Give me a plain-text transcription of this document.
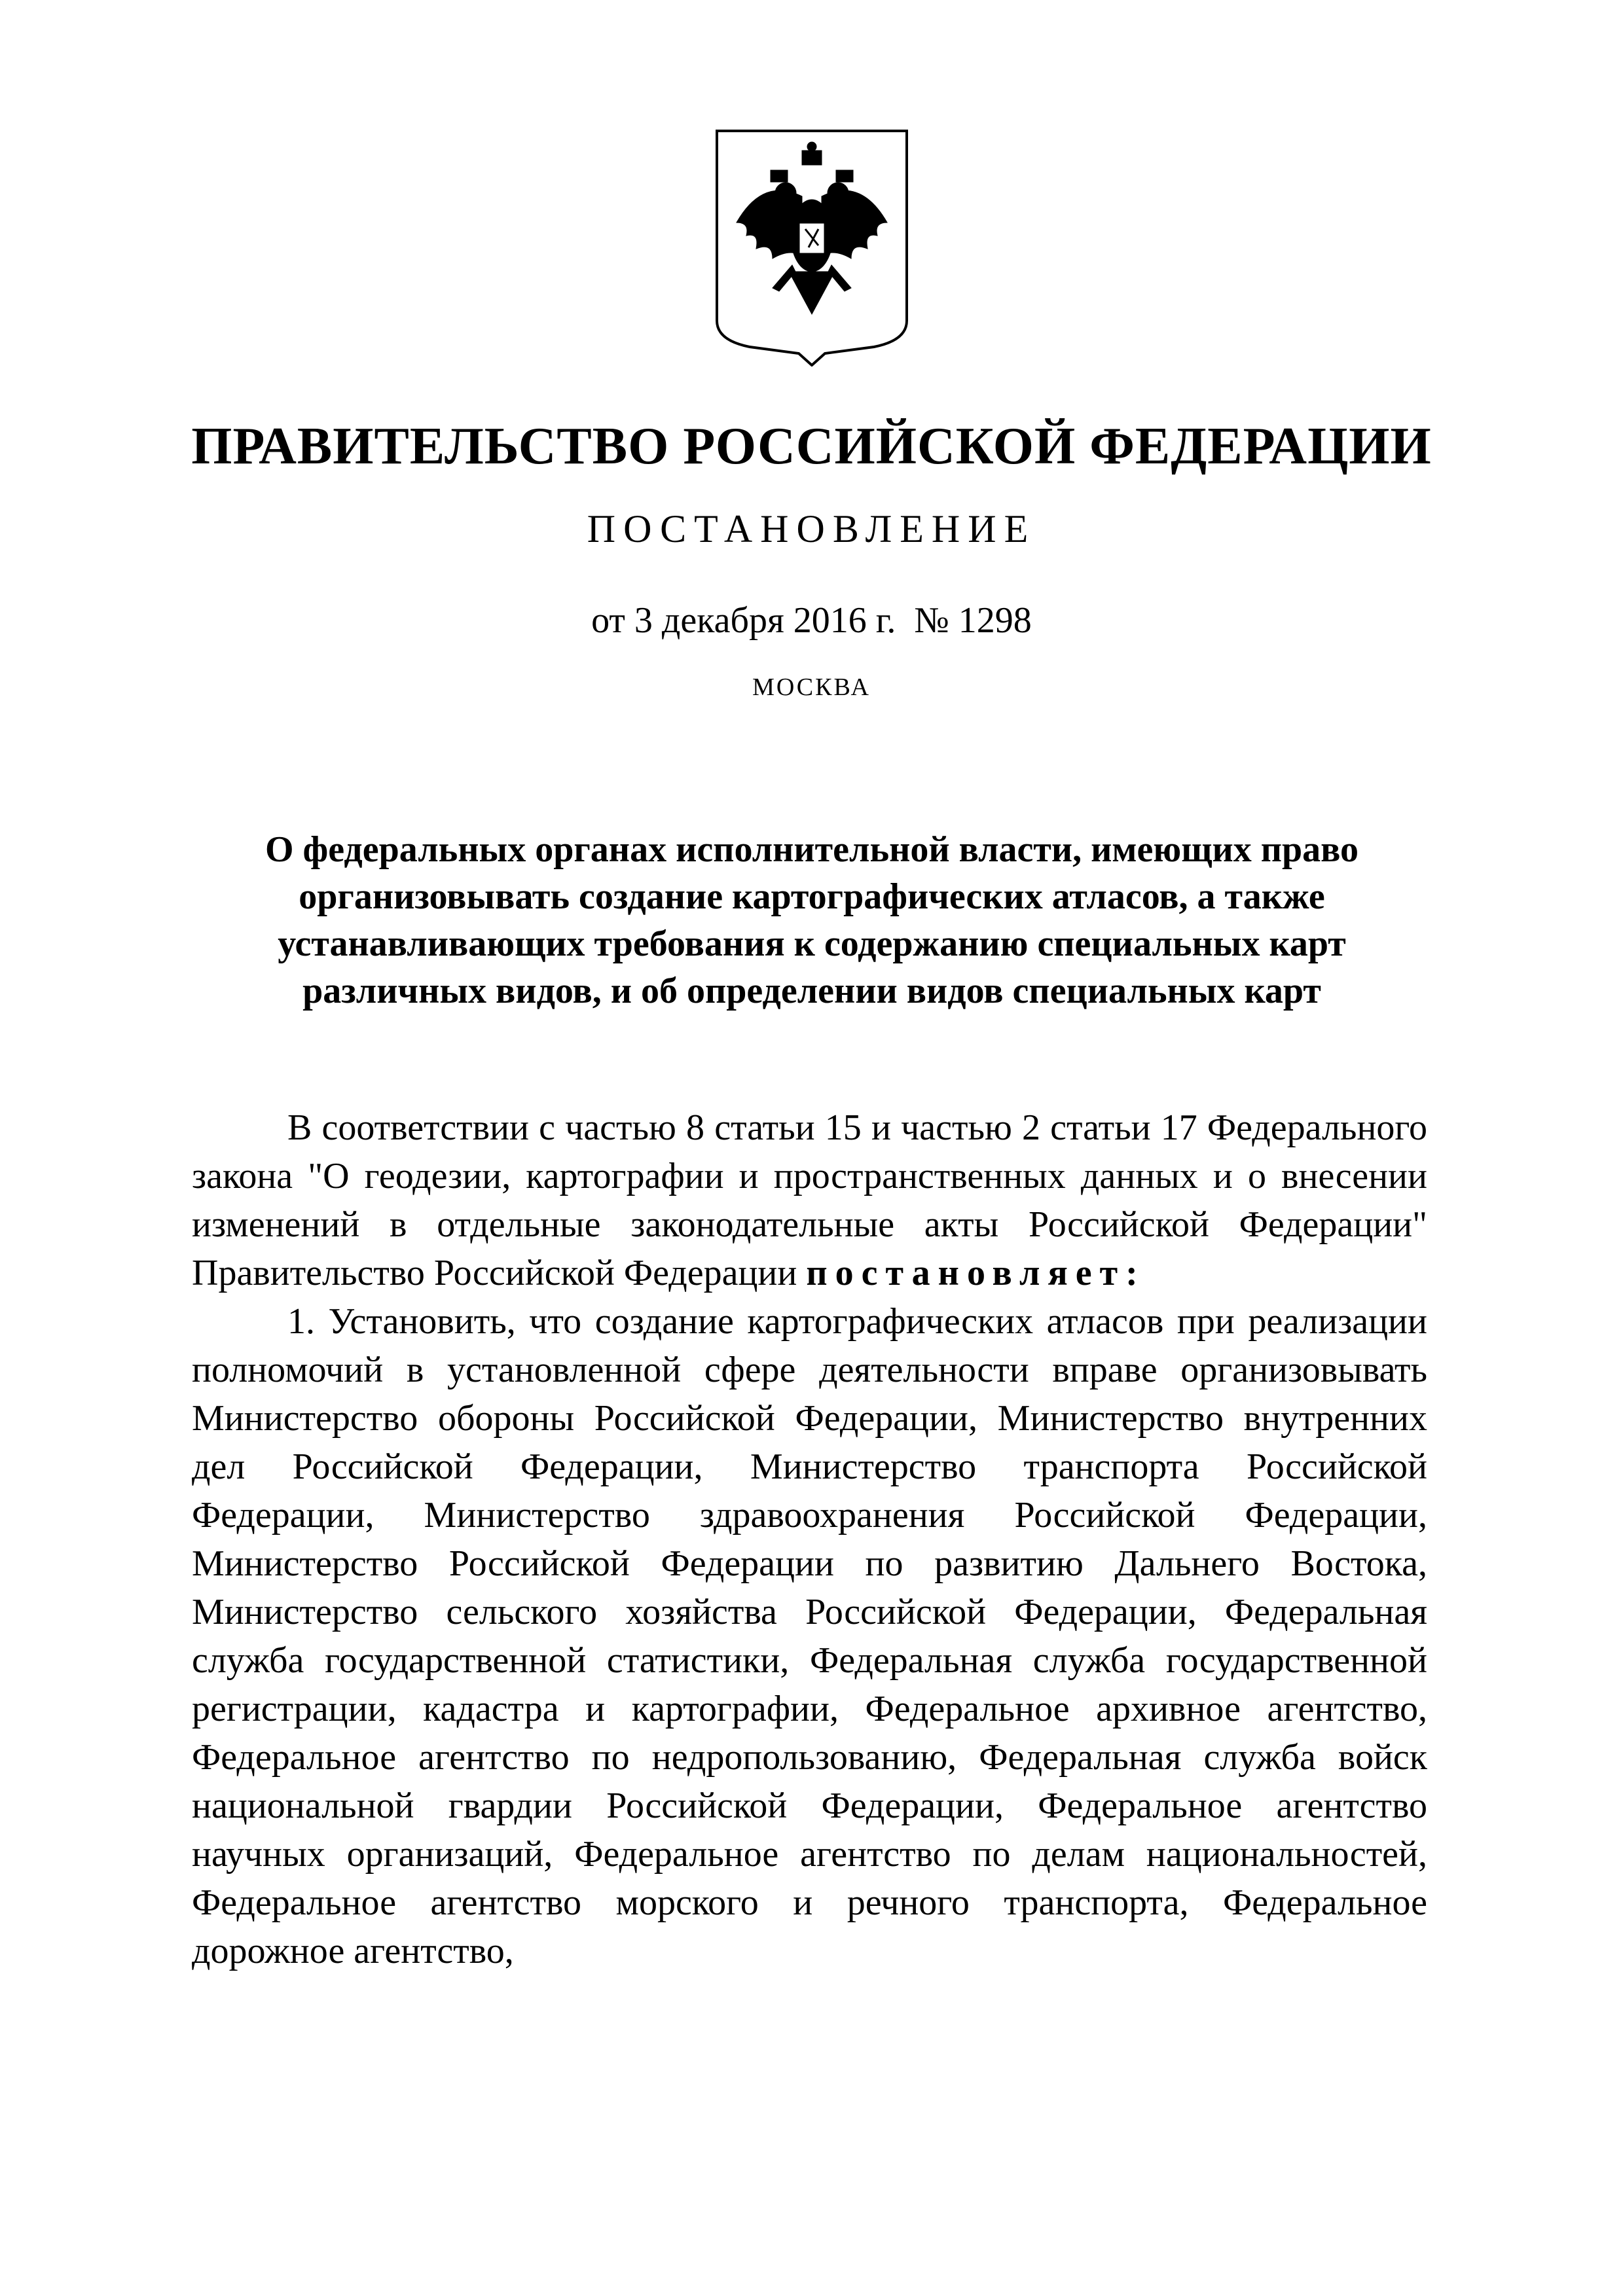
ПРАВИТЕЛЬСТВО РОССИЙСКОЙ ФЕДЕРАЦИИ
ПОСТАНОВЛЕНИЕ
от 3 декабря 2016 г. № 1298
МОСКВА
О федеральных органах исполнительной власти, имеющих право
организовывать создание картографических атласов, а также
устанавливающих требования к содержанию специальных карт
различных видов, и об определении видов специальных карт

В соответствии с частью 8 статьи 15 и частью 2 статьи 17 Федерального закона "О геодезии, картографии и пространственных данных и о внесении изменений в отдельные законодательные акты Российской Федерации" Правительство Российской Федерации постановляет:

1. Установить, что создание картографических атласов при реализации полномочий в установленной сфере деятельности вправе организовывать Министерство обороны Российской Федерации, Министерство внутренних дел Российской Федерации, Министерство транспорта Российской Федерации, Министерство здравоохранения Российской Федерации, Министерство Российской Федерации по развитию Дальнего Востока, Министерство сельского хозяйства Российской Федерации, Федеральная служба государственной статистики, Федеральная служба государственной регистрации, кадастра и картографии, Федеральное архивное агентство, Федеральное агентство по недропользованию, Федеральная служба войск национальной гвардии Российской Федерации, Федеральное агентство научных организаций, Федеральное агентство по делам национальностей, Федеральное агентство морского и речного транспорта, Федеральное дорожное агентство,
